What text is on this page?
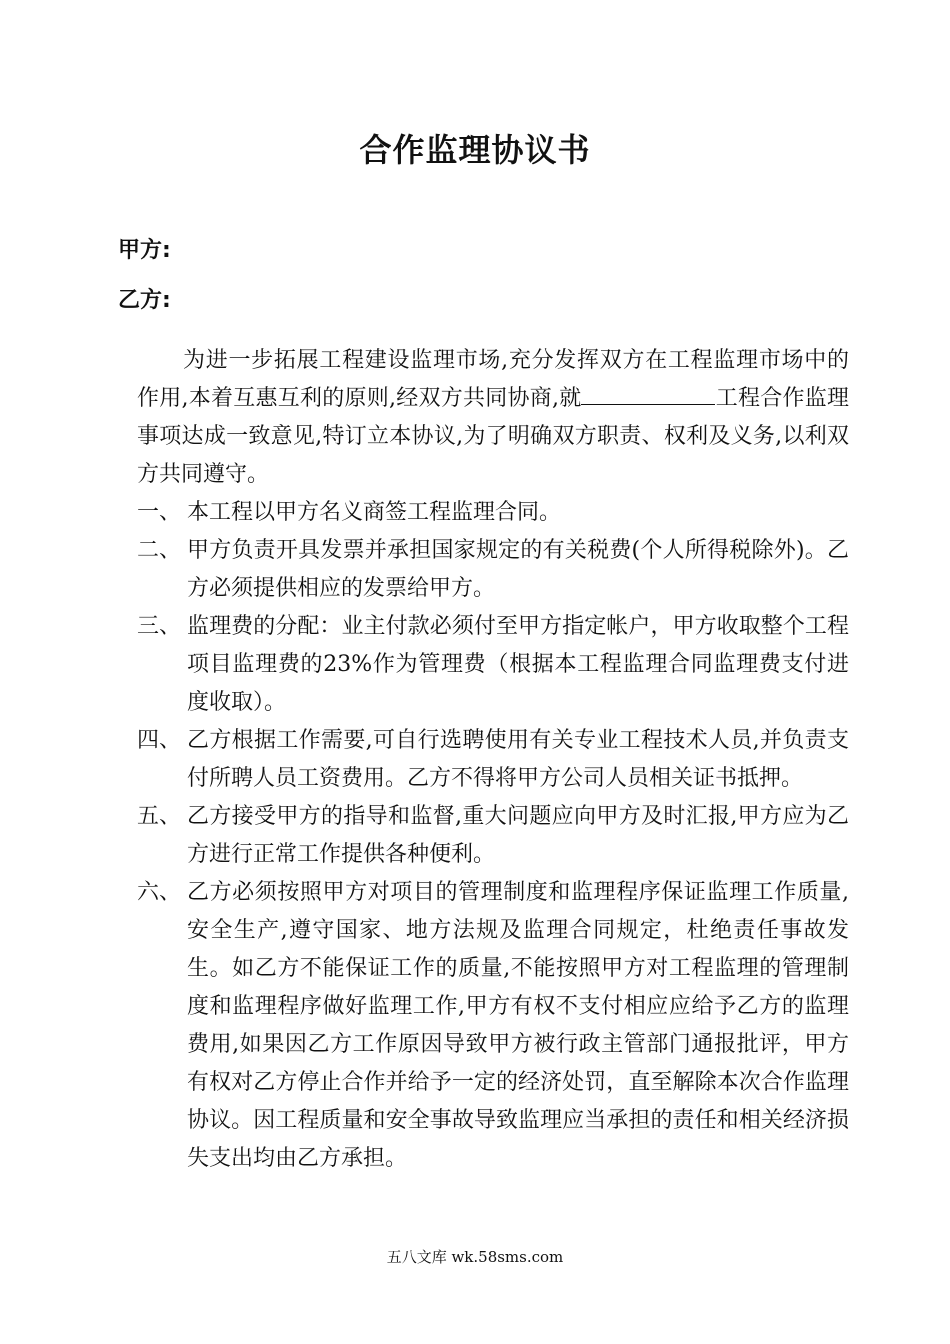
合作监理协议书
甲方:
乙方:

为进一步拓展工程建设监理市场,充分发挥双方在工程监理市场中的作用,本着互惠互利的原则,经双方共同协商,就	工程合作监理事项达成一致意见,特订立本协议,为了明确双方职责、权利及义务,以利双方共同遵守。

一、 本工程以甲方名义商签工程监理合同。
二、 甲方负责开具发票并承担国家规定的有关税费(个人所得税除外)。乙方必须提供相应的发票给甲方。
三、 监理费的分配：业主付款必须付至甲方指定帐户，甲方收取整个工程项目监理费的23%作为管理费（根据本工程监理合同监理费支付进度收取）。
四、 乙方根据工作需要,可自行选聘使用有关专业工程技术人员,并负责支付所聘人员工资费用。乙方不得将甲方公司人员相关证书抵押。
五、 乙方接受甲方的指导和监督,重大问题应向甲方及时汇报,甲方应为乙方进行正常工作提供各种便利。
六、 乙方必须按照甲方对项目的管理制度和监理程序保证监理工作质量,安全生产,遵守国家、地方法规及监理合同规定，杜绝责任事故发生。如乙方不能保证工作的质量,不能按照甲方对工程监理的管理制度和监理程序做好监理工作,甲方有权不支付相应应给予乙方的监理费用,如果因乙方工作原因导致甲方被行政主管部门通报批评，甲方有权对乙方停止合作并给予一定的经济处罚，直至解除本次合作监理协议。因工程质量和安全事故导致监理应当承担的责任和相关经济损失支出均由乙方承担。
五八文库 wk.58sms.com
